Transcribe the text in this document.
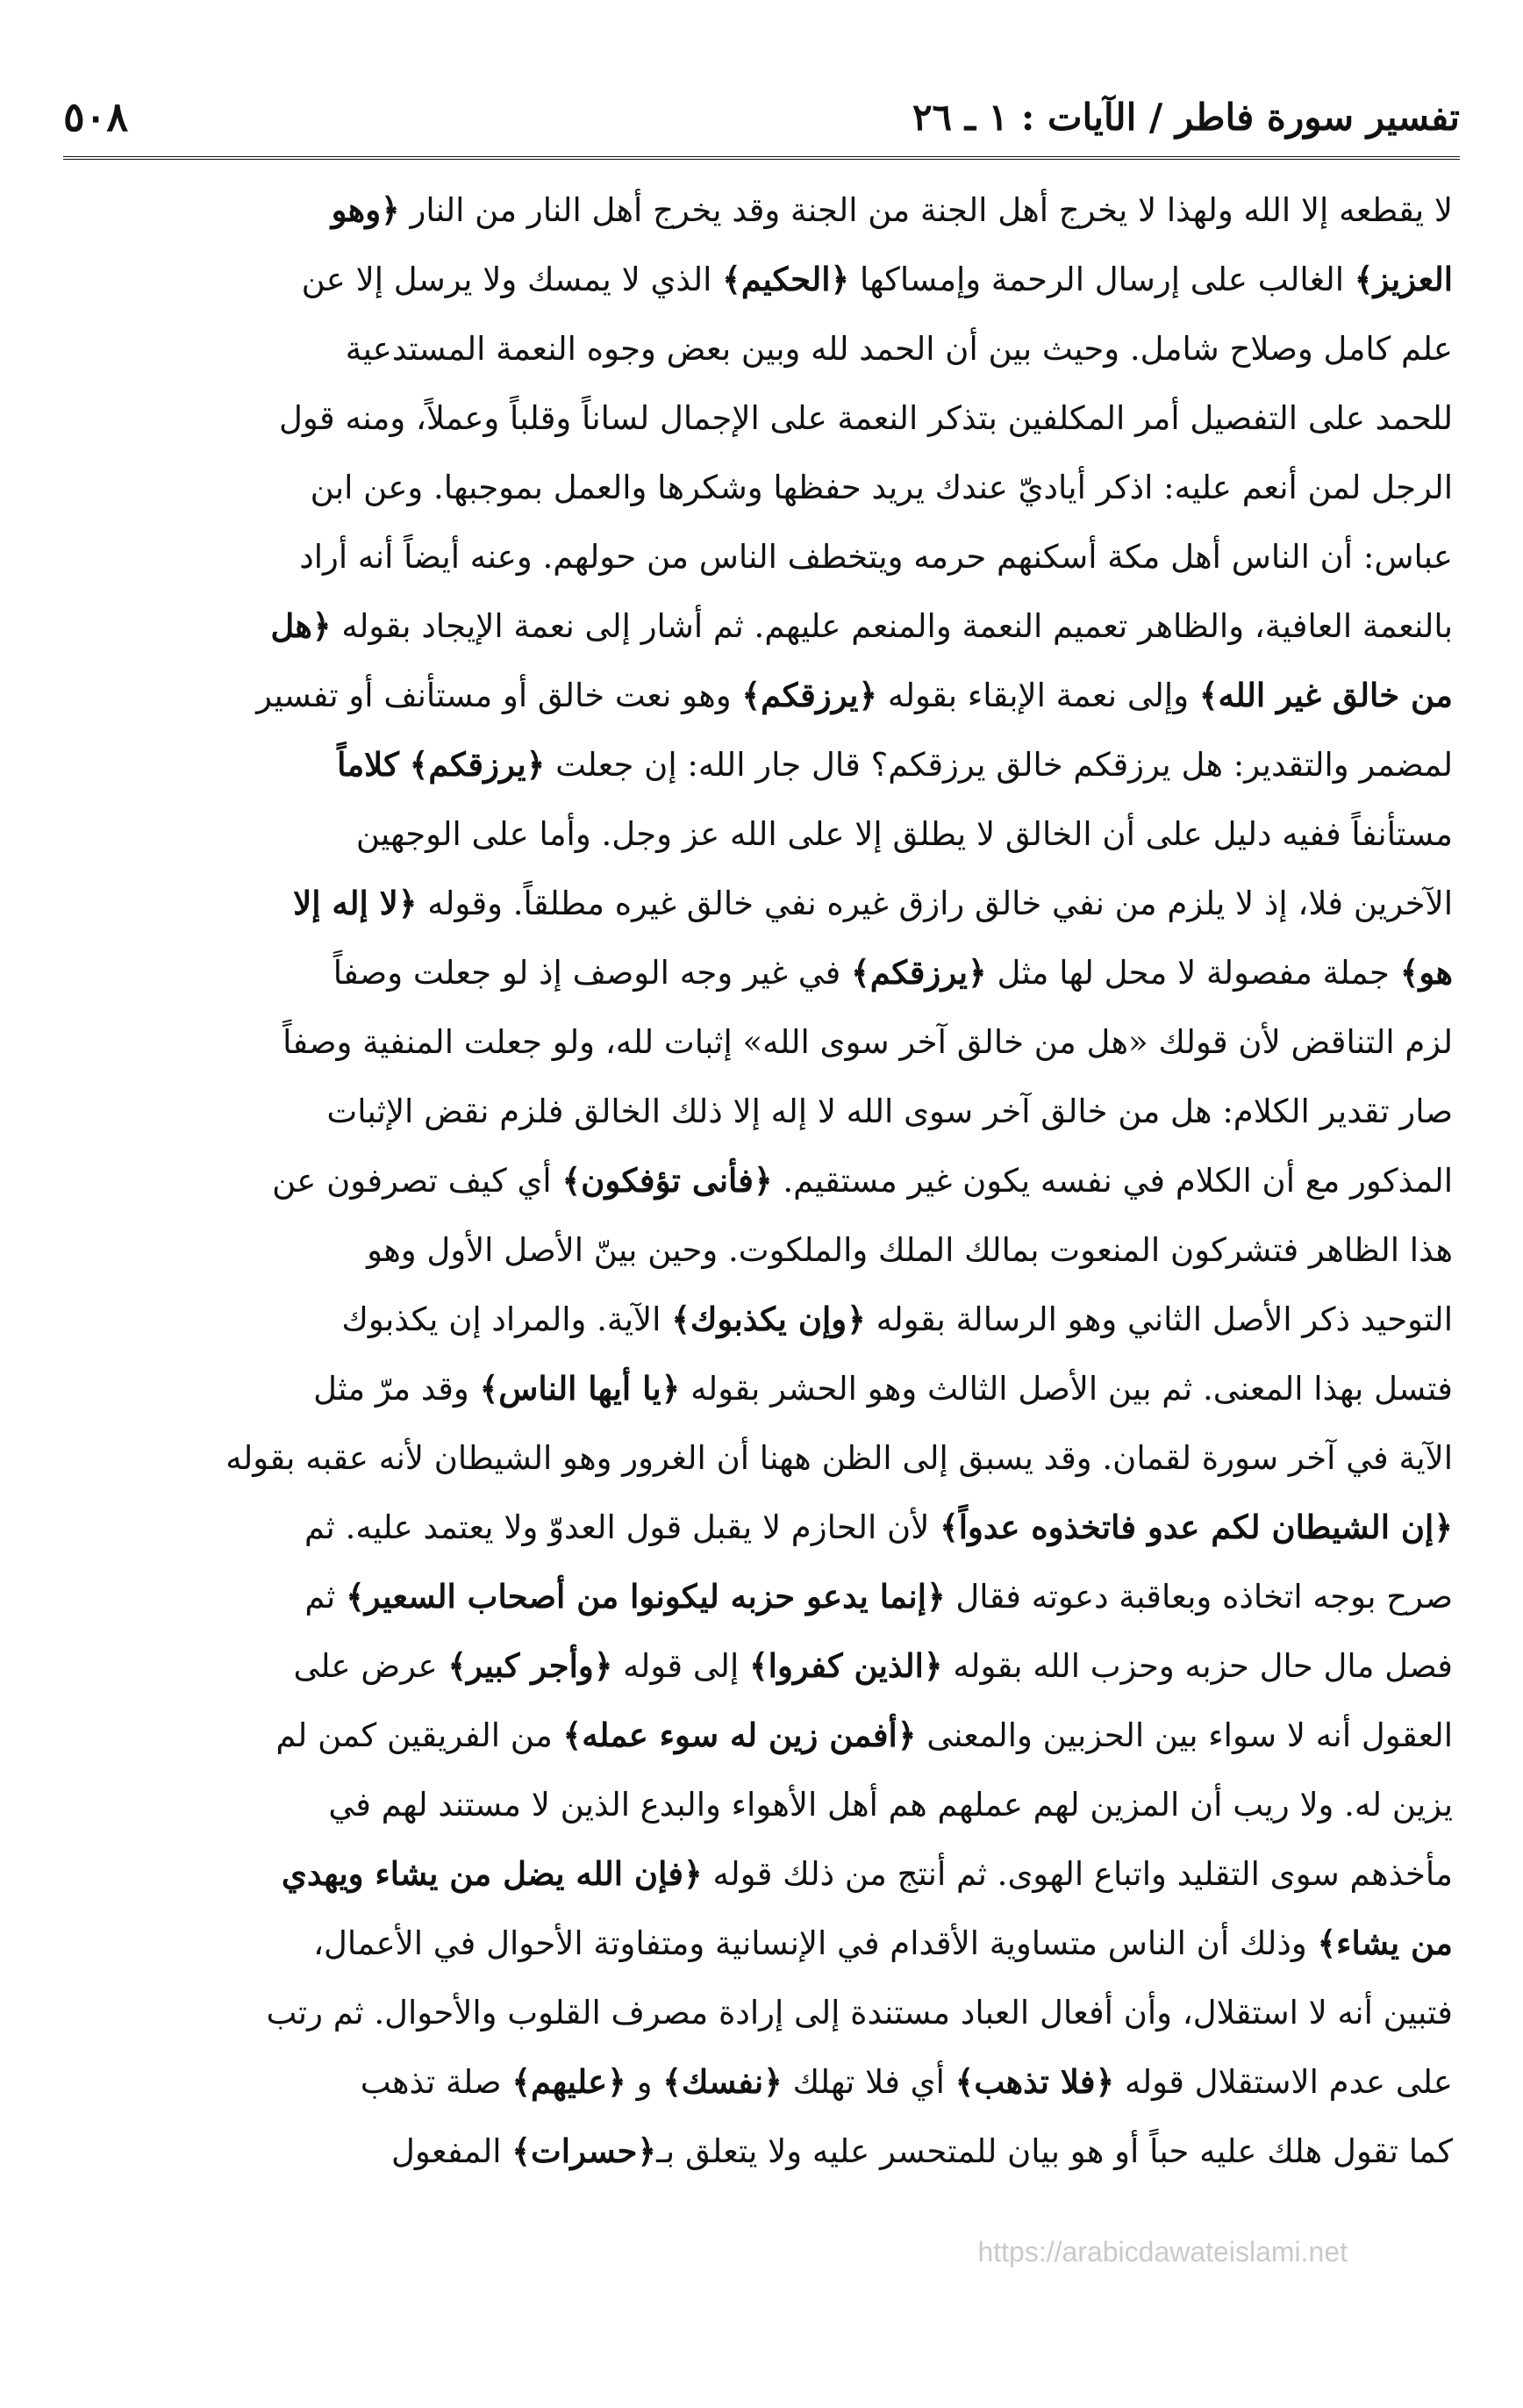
٥٠٨	تفسير سورة فاطر / الآيات : ١ ـ ٢٦
لا يقطعه إلا الله ولهذا لا يخرج أهل الجنة من الجنة وقد يخرج أهل النار من النار ﴿وهو
العزيز﴾ الغالب على إرسال الرحمة وإمساكها ﴿الحكيم﴾ الذي لا يمسك ولا يرسل إلا عن
علم كامل وصلاح شامل. وحيث بين أن الحمد لله وبين بعض وجوه النعمة المستدعية
للحمد على التفصيل أمر المكلفين بتذكر النعمة على الإجمال لساناً وقلباً وعملاً، ومنه قول
الرجل لمن أنعم عليه: اذكر أياديّ عندك يريد حفظها وشكرها والعمل بموجبها. وعن ابن
عباس: أن الناس أهل مكة أسكنهم حرمه ويتخطف الناس من حولهم. وعنه أيضاً أنه أراد
بالنعمة العافية، والظاهر تعميم النعمة والمنعم عليهم. ثم أشار إلى نعمة الإيجاد بقوله ﴿هل
من خالق غير الله﴾ وإلى نعمة الإبقاء بقوله ﴿يرزقكم﴾ وهو نعت خالق أو مستأنف أو تفسير
لمضمر والتقدير: هل يرزقكم خالق يرزقكم؟ قال جار الله: إن جعلت ﴿يرزقكم﴾ كلاماً
مستأنفاً ففيه دليل على أن الخالق لا يطلق إلا على الله عز وجل. وأما على الوجهين
الآخرين فلا، إذ لا يلزم من نفي خالق رازق غيره نفي خالق غيره مطلقاً. وقوله ﴿لا إله إلا
هو﴾ جملة مفصولة لا محل لها مثل ﴿يرزقكم﴾ في غير وجه الوصف إذ لو جعلت وصفاً
لزم التناقض لأن قولك «هل من خالق آخر سوى الله» إثبات لله، ولو جعلت المنفية وصفاً
صار تقدير الكلام: هل من خالق آخر سوى الله لا إله إلا ذلك الخالق فلزم نقض الإثبات
المذكور مع أن الكلام في نفسه يكون غير مستقيم. ﴿فأنى تؤفكون﴾ أي كيف تصرفون عن
هذا الظاهر فتشركون المنعوت بمالك الملك والملكوت. وحين بينّ الأصل الأول وهو
التوحيد ذكر الأصل الثاني وهو الرسالة بقوله ﴿وإن يكذبوك﴾ الآية. والمراد إن يكذبوك
فتسل بهذا المعنى. ثم بين الأصل الثالث وهو الحشر بقوله ﴿يا أيها الناس﴾ وقد مرّ مثل
الآية في آخر سورة لقمان. وقد يسبق إلى الظن ههنا أن الغرور وهو الشيطان لأنه عقبه بقوله
﴿إن الشيطان لكم عدو فاتخذوه عدواً﴾ لأن الحازم لا يقبل قول العدوّ ولا يعتمد عليه. ثم
صرح بوجه اتخاذه وبعاقبة دعوته فقال ﴿إنما يدعو حزبه ليكونوا من أصحاب السعير﴾ ثم
فصل مال حال حزبه وحزب الله بقوله ﴿الذين كفروا﴾ إلى قوله ﴿وأجر كبير﴾ عرض على
العقول أنه لا سواء بين الحزبين والمعنى ﴿أفمن زين له سوء عمله﴾ من الفريقين كمن لم
يزين له. ولا ريب أن المزين لهم عملهم هم أهل الأهواء والبدع الذين لا مستند لهم في
مأخذهم سوى التقليد واتباع الهوى. ثم أنتج من ذلك قوله ﴿فإن الله يضل من يشاء ويهدي
من يشاء﴾ وذلك أن الناس متساوية الأقدام في الإنسانية ومتفاوتة الأحوال في الأعمال،
فتبين أنه لا استقلال، وأن أفعال العباد مستندة إلى إرادة مصرف القلوب والأحوال. ثم رتب
على عدم الاستقلال قوله ﴿فلا تذهب﴾ أي فلا تهلك ﴿نفسك﴾ و ﴿عليهم﴾ صلة تذهب
كما تقول هلك عليه حباً أو هو بيان للمتحسر عليه ولا يتعلق بـ﴿حسرات﴾ المفعول
https://arabicdawateislami.net
